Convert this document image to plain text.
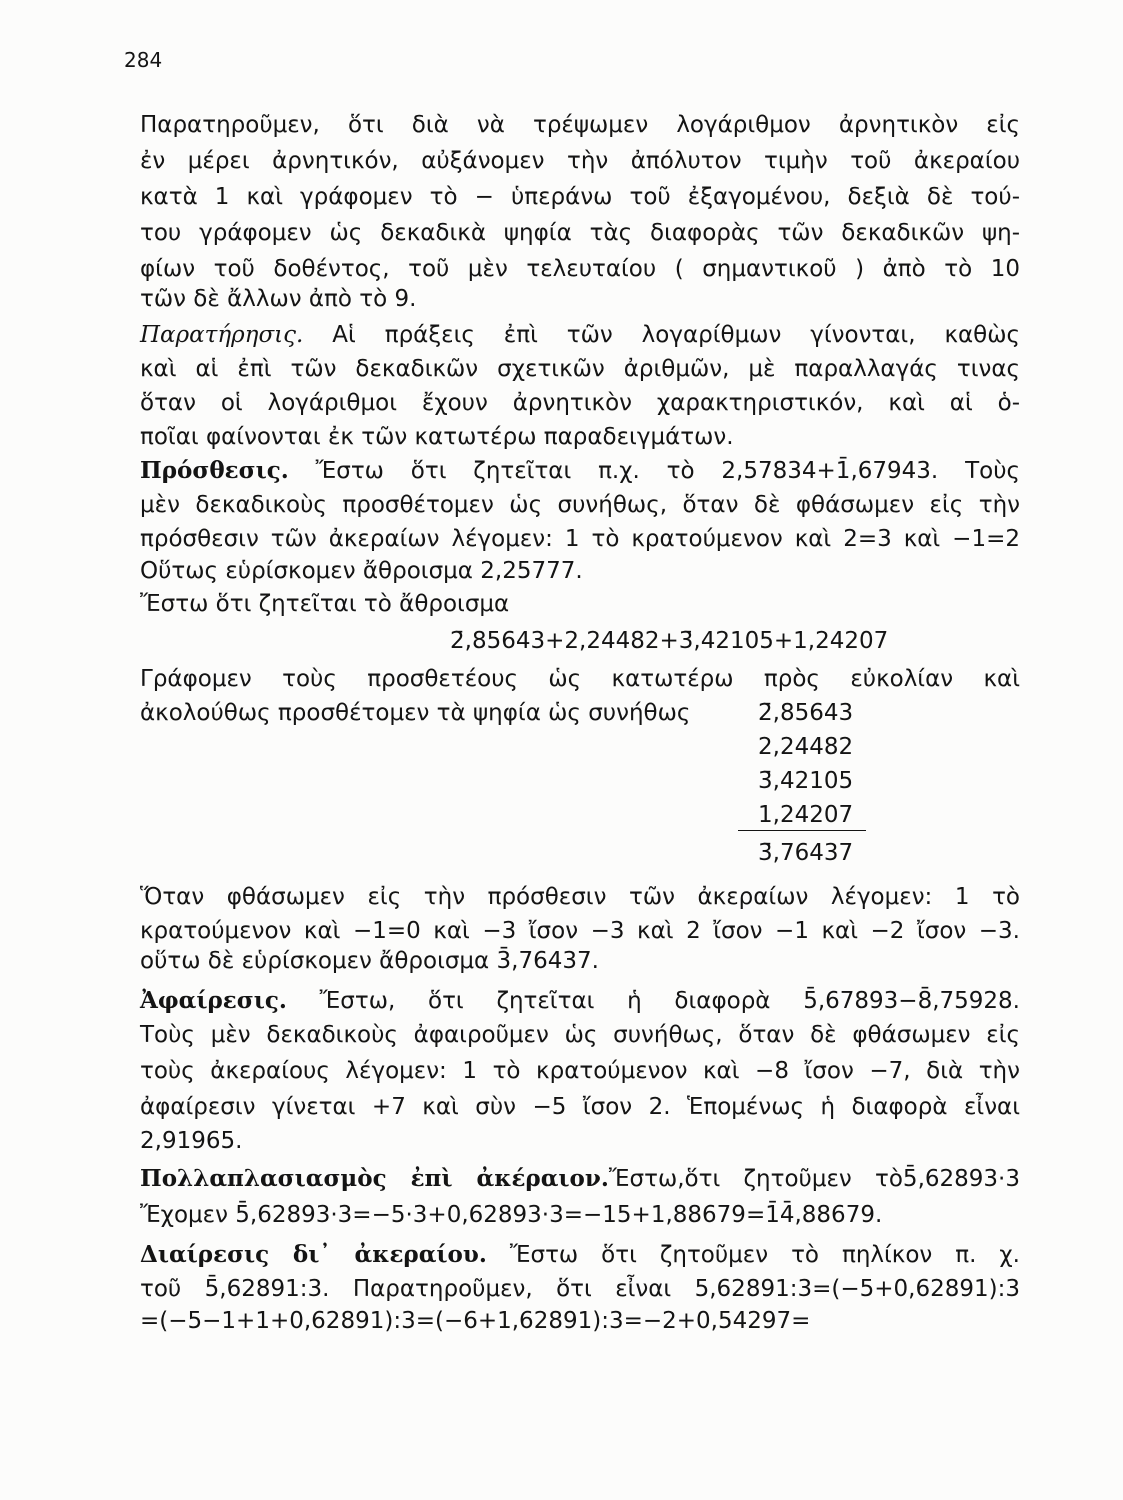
284
Παρατηροῦμεν, ὅτι διὰ νὰ τρέψωμεν λογάριθμον ἀρνητικὸν εἰς
ἐν μέρει ἀρνητικόν, αὐξάνομεν τὴν ἀπόλυτον τιμὴν τοῦ ἀκεραίου
κατὰ 1 καὶ γράφομεν τὸ − ὑπεράνω τοῦ ἐξαγομένου, δεξιὰ δὲ τού-
του γράφομεν ὡς δεκαδικὰ ψηφία τὰς διαφορὰς τῶν δεκαδικῶν ψη-
φίων τοῦ δοθέντος, τοῦ μὲν τελευταίου ( σημαντικοῦ ) ἀπὸ τὸ 10
τῶν δὲ ἄλλων ἀπὸ τὸ 9.
Παρατήρησις. Αἱ πράξεις ἐπὶ τῶν λογαρίθμων γίνονται, καθὼς
καὶ αἱ ἐπὶ τῶν δεκαδικῶν σχετικῶν ἀριθμῶν, μὲ παραλλαγάς τινας
ὅταν οἱ λογάριθμοι ἔχουν ἀρνητικὸν χαρακτηριστικόν, καὶ αἱ ὁ-
ποῖαι φαίνονται ἐκ τῶν κατωτέρω παραδειγμάτων.
Πρόσθεσις. Ἔστω ὅτι ζητεῖται π.χ. τὸ 2,57834+1̄,67943. Τοὺς
μὲν δεκαδικοὺς προσθέτομεν ὡς συνήθως, ὅταν δὲ φθάσωμεν εἰς τὴν
πρόσθεσιν τῶν ἀκεραίων λέγομεν: 1 τὸ κρατούμενον καὶ 2=3 καὶ −1=2
Οὕτως εὑρίσκομεν ἄθροισμα 2,25777.
Ἔστω ὅτι ζητεῖται τὸ ἄθροισμα
2̄,85643+2,24482+3̄,42105+1,24207
Γράφομεν τοὺς προσθετέους ὡς κατωτέρω πρὸς εὐκολίαν καὶ
ἀκολούθως προσθέτομεν τὰ ψηφία ὡς συνήθως	2̄,85643
2,24482
3̄,42105
1,24207
3̄,76437
Ὅταν φθάσωμεν εἰς τὴν πρόσθεσιν τῶν ἀκεραίων λέγομεν: 1 τὸ
κρατούμενον καὶ −1=0 καὶ −3 ἴσον −3 καὶ 2 ἴσον −1 καὶ −2 ἴσον −3.
οὕτω δὲ εὑρίσκομεν ἄθροισμα 3̄,76437.
Ἀφαίρεσις. Ἔστω, ὅτι ζητεῖται ἡ διαφορὰ 5̄,67893−8̄,75928.
Τοὺς μὲν δεκαδικοὺς ἀφαιροῦμεν ὡς συνήθως, ὅταν δὲ φθάσωμεν εἰς
τοὺς ἀκεραίους λέγομεν: 1 τὸ κρατούμενον καὶ −8 ἴσον −7, διὰ τὴν
ἀφαίρεσιν γίνεται +7 καὶ σὺν −5 ἴσον 2. Ἑπομένως ἡ διαφορὰ εἶναι
2,91965.
Πολλαπλασιασμὸς ἐπὶ ἀκέραιον.Ἔστω,ὅτι ζητοῦμεν τὸ5̄,62893·3
Ἔχομεν 5̄,62893·3=−5·3+0,62893·3=−15+1,88679=1̄4̄,88679.
Διαίρεσις δι᾽ ἀκεραίου. Ἔστω ὅτι ζητοῦμεν τὸ πηλίκον π. χ.
τοῦ 5̄,62891:3. Παρατηροῦμεν, ὅτι εἶναι 5,62891:3=(−5+0,62891):3
=(−5−1+1+0,62891):3=(−6+1,62891):3=−2+0,54297=
